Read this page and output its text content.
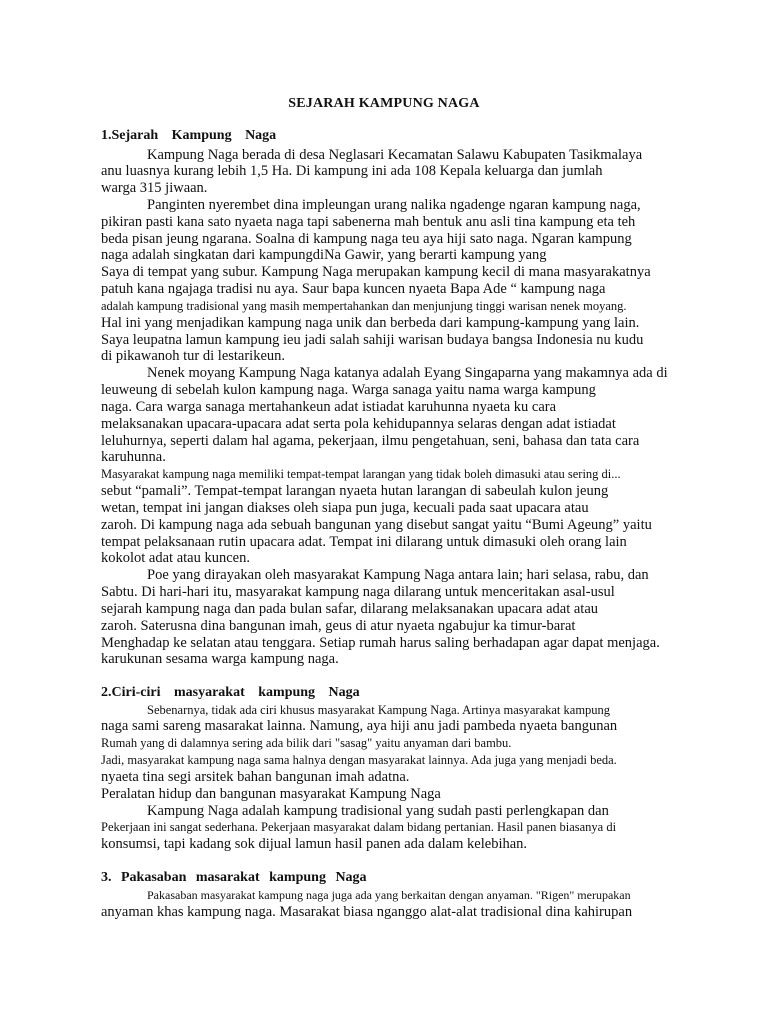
SEJARAH KAMPUNG NAGA
1.Sejarah Kampung Naga
Kampung Naga berada di desa Neglasari Kecamatan Salawu Kabupaten Tasikmalaya
anu luasnya kurang lebih 1,5 Ha. Di kampung ini ada 108 Kepala keluarga dan jumlah
warga 315 jiwaan.
Panginten nyerembet dina impleungan urang nalika ngadenge ngaran kampung naga,
pikiran pasti kana sato nyaeta naga tapi sabenerna mah bentuk anu asli tina kampung eta teh
beda pisan jeung ngarana. Soalna di kampung naga teu aya hiji sato naga. Ngaran kampung
naga adalah singkatan dari kampungdiNa Gawir, yang berarti kampung yang
Saya di tempat yang subur. Kampung Naga merupakan kampung kecil di mana masyarakatnya
patuh kana ngajaga tradisi nu aya. Saur bapa kuncen nyaeta Bapa Ade “ kampung naga
adalah kampung tradisional yang masih mempertahankan dan menjunjung tinggi warisan nenek moyang.
Hal ini yang menjadikan kampung naga unik dan berbeda dari kampung-kampung yang lain.
Saya leupatna lamun kampung ieu jadi salah sahiji warisan budaya bangsa Indonesia nu kudu
di pikawanoh tur di lestarikeun.
Nenek moyang Kampung Naga katanya adalah Eyang Singaparna yang makamnya ada di
leuweung di sebelah kulon kampung naga. Warga sanaga yaitu nama warga kampung
naga. Cara warga sanaga mertahankeun adat istiadat karuhunna nyaeta ku cara
melaksanakan upacara-upacara adat serta pola kehidupannya selaras dengan adat istiadat
leluhurnya, seperti dalam hal agama, pekerjaan, ilmu pengetahuan, seni, bahasa dan tata cara
karuhunna.
Masyarakat kampung naga memiliki tempat-tempat larangan yang tidak boleh dimasuki atau sering di...
sebut “pamali”. Tempat-tempat larangan nyaeta hutan larangan di sabeulah kulon jeung
wetan, tempat ini jangan diakses oleh siapa pun juga, kecuali pada saat upacara atau
zaroh. Di kampung naga ada sebuah bangunan yang disebut sangat yaitu “Bumi Ageung” yaitu
tempat pelaksanaan rutin upacara adat. Tempat ini dilarang untuk dimasuki oleh orang lain
kokolot adat atau kuncen.
Poe yang dirayakan oleh masyarakat Kampung Naga antara lain; hari selasa, rabu, dan
Sabtu. Di hari-hari itu, masyarakat kampung naga dilarang untuk menceritakan asal-usul
sejarah kampung naga dan pada bulan safar, dilarang melaksanakan upacara adat atau
zaroh. Saterusna dina bangunan imah, geus di atur nyaeta ngabujur ka timur-barat
Menghadap ke selatan atau tenggara. Setiap rumah harus saling berhadapan agar dapat menjaga.
karukunan sesama warga kampung naga.
2.Ciri-ciri masyarakat kampung Naga
Sebenarnya, tidak ada ciri khusus masyarakat Kampung Naga. Artinya masyarakat kampung
naga sami sareng masarakat lainna. Namung, aya hiji anu jadi pambeda nyaeta bangunan
Rumah yang di dalamnya sering ada bilik dari "sasag" yaitu anyaman dari bambu.
Jadi, masyarakat kampung naga sama halnya dengan masyarakat lainnya. Ada juga yang menjadi beda.
nyaeta tina segi arsitek bahan bangunan imah adatna.
Peralatan hidup dan bangunan masyarakat Kampung Naga
Kampung Naga adalah kampung tradisional yang sudah pasti perlengkapan dan
Pekerjaan ini sangat sederhana. Pekerjaan masyarakat dalam bidang pertanian. Hasil panen biasanya di
konsumsi, tapi kadang sok dijual lamun hasil panen ada dalam kelebihan.
3. Pakasaban masarakat kampung Naga
Pakasaban masyarakat kampung naga juga ada yang berkaitan dengan anyaman. "Rigen" merupakan
anyaman khas kampung naga. Masarakat biasa nganggo alat-alat tradisional dina kahirupan
